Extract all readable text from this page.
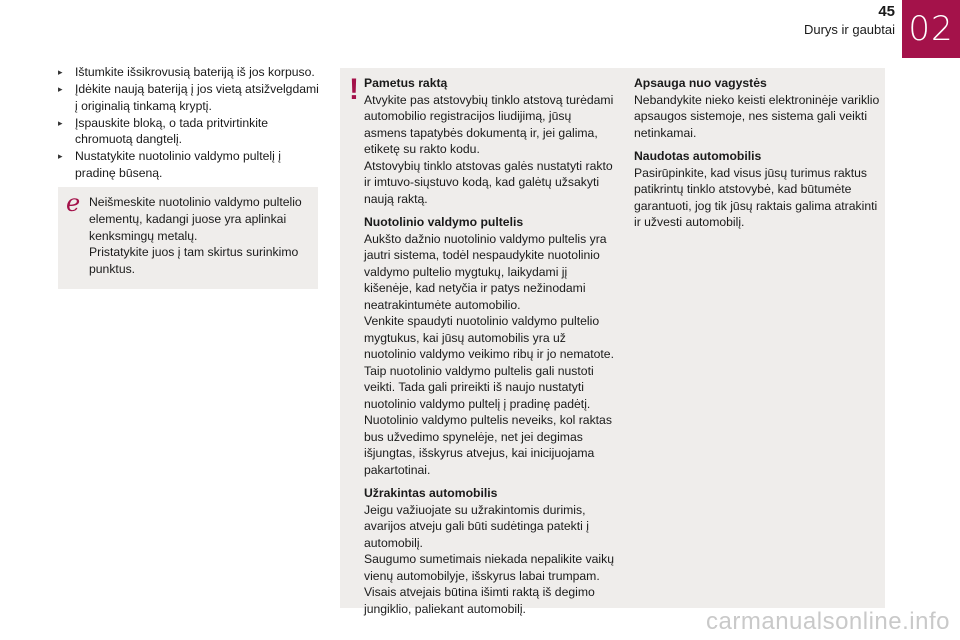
45
Durys ir gaubtai 02
▸	Ištumkite išsikrovusią bateriją iš jos korpuso.
▸	Įdėkite naują bateriją į jos vietą atsižvelgdami į originalią tinkamą kryptį.
▸	Įspauskite bloką, o tada pritvirtinkite chromuotą dangtelį.
▸	Nustatykite nuotolinio valdymo pultelį į pradinę būseną.
e Neišmeskite nuotolinio valdymo pultelio elementų, kadangi juose yra aplinkai kenksmingų metalų.
Pristatykite juos į tam skirtus surinkimo punktus.
! Pametus raktą
Atvykite pas atstovybių tinklo atstovą turėdami automobilio registracijos liudijimą, jūsų asmens tapatybės dokumentą ir, jei galima, etiketę su rakto kodu.
Atstovybių tinklo atstovas galės nustatyti rakto ir imtuvo-siųstuvo kodą, kad galėtų užsakyti naują raktą.
Nuotolinio valdymo pultelis
Aukšto dažnio nuotolinio valdymo pultelis yra jautri sistema, todėl nespaudykite nuotolinio valdymo pultelio mygtukų, laikydami jį kišenėje, kad netyčia ir patys nežinodami neatrakintumėte automobilio.
Venkite spaudyti nuotolinio valdymo pultelio mygtukus, kai jūsų automobilis yra už nuotolinio valdymo veikimo ribų ir jo nematote. Taip nuotolinio valdymo pultelis gali nustoti veikti. Tada gali prireikti iš naujo nustatyti nuotolinio valdymo pultelį į pradinę padėtį.
Nuotolinio valdymo pultelis neveiks, kol raktas bus užvedimo spynelėje, net jei degimas išjungtas, išskyrus atvejus, kai inicijuojama pakartotinai.
Užrakintas automobilis
Jeigu važiuojate su užrakintomis durimis, avarijos atveju gali būti sudėtinga patekti į automobilį.
Saugumo sumetimais niekada nepalikite vaikų vienų automobilyje, išskyrus labai trumpam. Visais atvejais būtina išimti raktą iš degimo jungiklio, paliekant automobilį.
Apsauga nuo vagystės
Nebandykite nieko keisti elektroninėje variklio apsaugos sistemoje, nes sistema gali veikti netinkamai.
Naudotas automobilis
Pasirūpinkite, kad visus jūsų turimus raktus patikrintų tinklo atstovybė, kad būtumėte garantuoti, jog tik jūsų raktais galima atrakinti ir užvesti automobilį.
carmanualsonline.info
